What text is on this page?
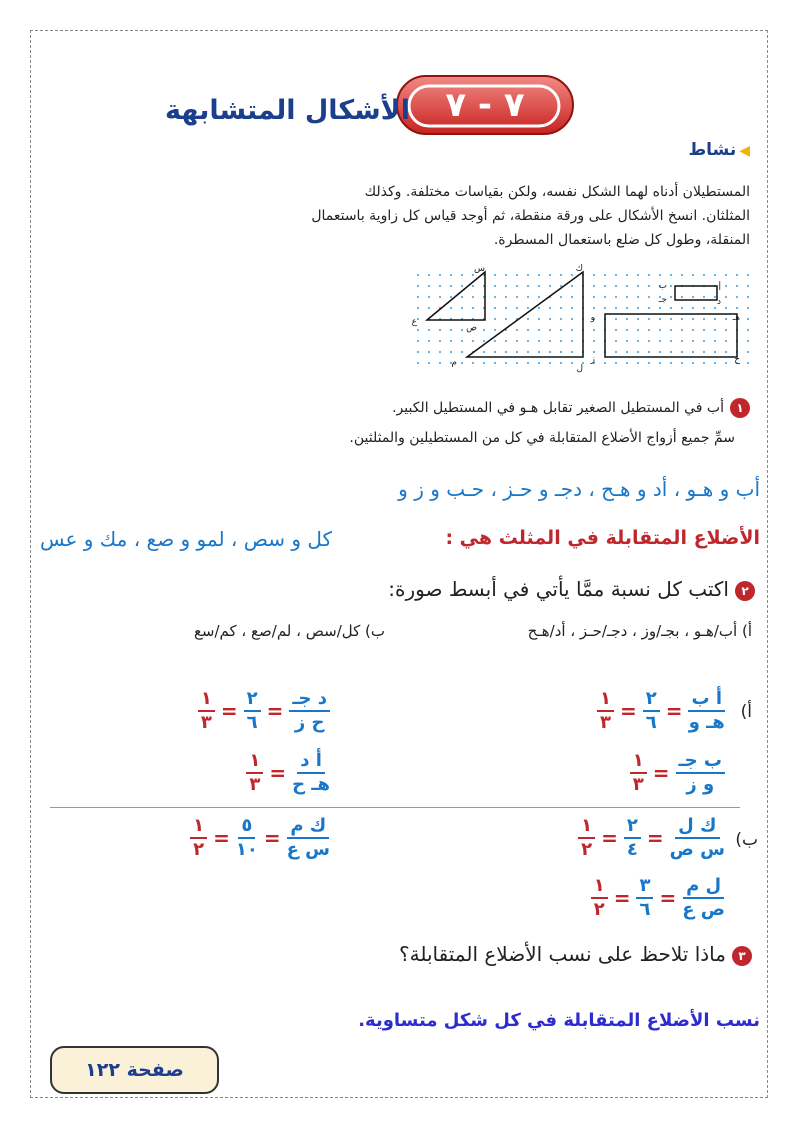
٧ - ٧
الأشكال المتشابهة
◀نشاط
المستطيلان أدناه لهما الشكل نفسه، ولكن بقياسات مختلفة. وكذلك
المثلثان. انسخ الأشكال على ورقة منقطة، ثم أوجد قياس كل زاوية باستعمال
المنقلة، وطول كل ضلع باستعمال المسطرة.
س
ع
ص
ك
م
ل
و
ز
أ
ب
جـ	د
هـ
ح
١أب في المستطيل الصغير تقابل هـو في المستطيل الكبير.
سمِّ جميع أزواج الأضلاع المتقابلة في كل من المستطيلين والمثلثين.
أب و هـو ، أد و هـح ، دجـ و حـز ، حـب و ز و
الأضلاع المتقابلة في المثلث هي :
كل و سص ، لمو و صع ، مك و عس
٢اكتب كل نسبة ممَّا يأتي في أبسط صورة:
أ) أب/هـو ، بجـ/وز ، دجـ/حـز ، أد/هـح
ب) كل/سص ، لم/صع ، كم/سع
أ)
أ ب
هـ و
=
٢
٦
=
١
٣
ب جـ
و ز
=
١
٣
د جـ
ح ز
=
٢
٦
=
١
٣
أ د
هـ ح
=
١
٣
ب)
ك ل
س ص
=
٢
٤
=
١
٢
ل م
ص ع
=
٣
٦
=
١
٢
ك م
س ع
=
٥
١٠
=
١
٢
٣ماذا تلاحظ على نسب الأضلاع المتقابلة؟
نسب الأضلاع المتقابلة في كل شكل متساوية.
صفحة ١٢٢
